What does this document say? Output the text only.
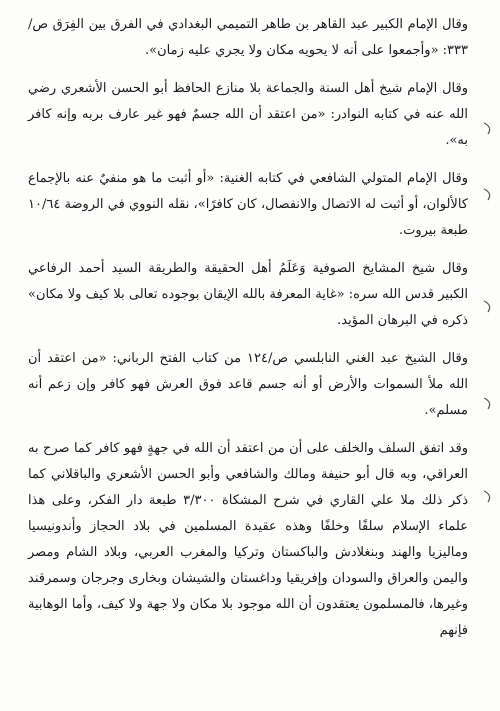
وقال الإمام الكبير عبد القاهر بن طاهر التميمي البغدادي في الفرق بين الفِرَق ص/٣٣٣: «وأجمعوا على أنه لا يحويه مكان ولا يجري عليه زمان».

وقال الإمام شيخ أهل السنة والجماعة بلا منازع الحافظ أبو الحسن الأشعري رضي الله عنه في كتابه النوادر: «من اعتقد أن الله جسمٌ فهو غير عارف بربه وإنه كافر به».

وقال الإمام المتولي الشافعي في كتابه الغنية: «أو أثبت ما هو منفيٌ عنه بالإجماع كالألوان، أو أثبت له الاتصال والانفصال، كان كافرًا»، نقله النووي في الروضة ١٠/٦٤ طبعة بيروت.

وقال شيخ المشايخ الصوفية وَعَلَمُ أهل الحقيقة والطريقة السيد أحمد الرفاعي الكبير قدس الله سره: «غاية المعرفة بالله الإيقان بوجوده تعالى بلا كيف ولا مكان» ذكره في البرهان المؤيد.

وقال الشيخ عبد الغني النابلسي ص/١٢٤ من كتاب الفتح الرباني: «من اعتقد أن الله ملأ السموات والأرض أو أنه جسم قاعد فوق العرش فهو كافر وإن زعم أنه مسلم».

وقد اتفق السلف والخلف على أن من اعتقد أن الله في جهةٍ فهو كافر كما صرح به العراقي، وبه قال أبو حنيفة ومالك والشافعي وأبو الحسن الأشعري والباقلاني كما ذكر ذلك ملا علي القاري في شرح المشكاة ٣/٣٠٠ طبعة دار الفكر، وعلى هذا علماء الإسلام سلفًا وخلفًا وهذه عقيدة المسلمين في بلاد الحجاز وأندونيسيا وماليزيا والهند وبنغلادش والباكستان وتركيا والمغرب العربي، وبلاد الشام ومصر واليمن والعراق والسودان وإفريقيا وداغستان والشيشان وبخارى وجرجان وسمرقند وغيرها، فالمسلمون يعتقدون أن الله موجود بلا مكان ولا جهة ولا كيف، وأما الوهابية فإنهم
